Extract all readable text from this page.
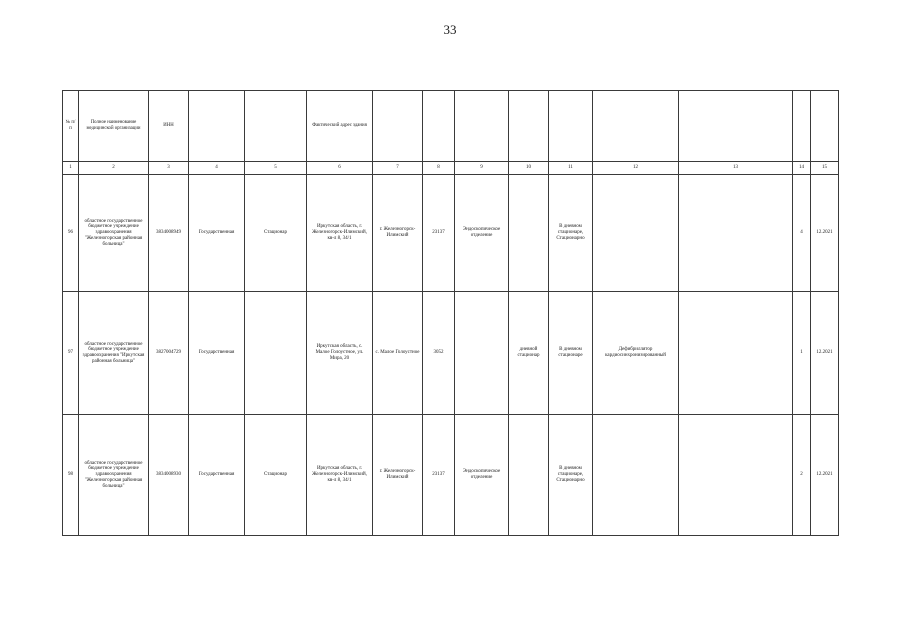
33
№ п/п	Полное наименование медицинской организации	ИНН			Фактический адрес здания									
1	2	3	4	5	6	7	8	9	10	11	12	13	14	15
96	областное государственное бюджетное учреждение здравоохранения "Железногорская районная больница"	3834008949	Государственная	Стационар	Иркутская область, г. Железногорск-Илимский, кв-л 8, 34/1	г. Железногорск-Илимский	23137	Эндоскопическое отделение		В дневном стационаре, Стационарно			4	12.2021
97	областное государственное бюджетное учреждение здравоохранения "Иркутская районная больница"	3827004729	Государственная		Иркутская область, с. Малое Голоустное, ул. Мира, 20	с. Малое Голоустное	3052		дневной стационар	В дневном стационаре	Дефибриллятор кардиосинхронизированный		1	12.2021
98	областное государственное бюджетное учреждение здравоохранения "Железногорская районная больница"	3834008930	Государственная	Стационар	Иркутская область, г. Железногорск-Илимский, кв-л 8, 34/1	г. Железногорск-Илимский	23137	Эндоскопическое отделение		В дневном стационаре, Стационарно			2	12.2021
